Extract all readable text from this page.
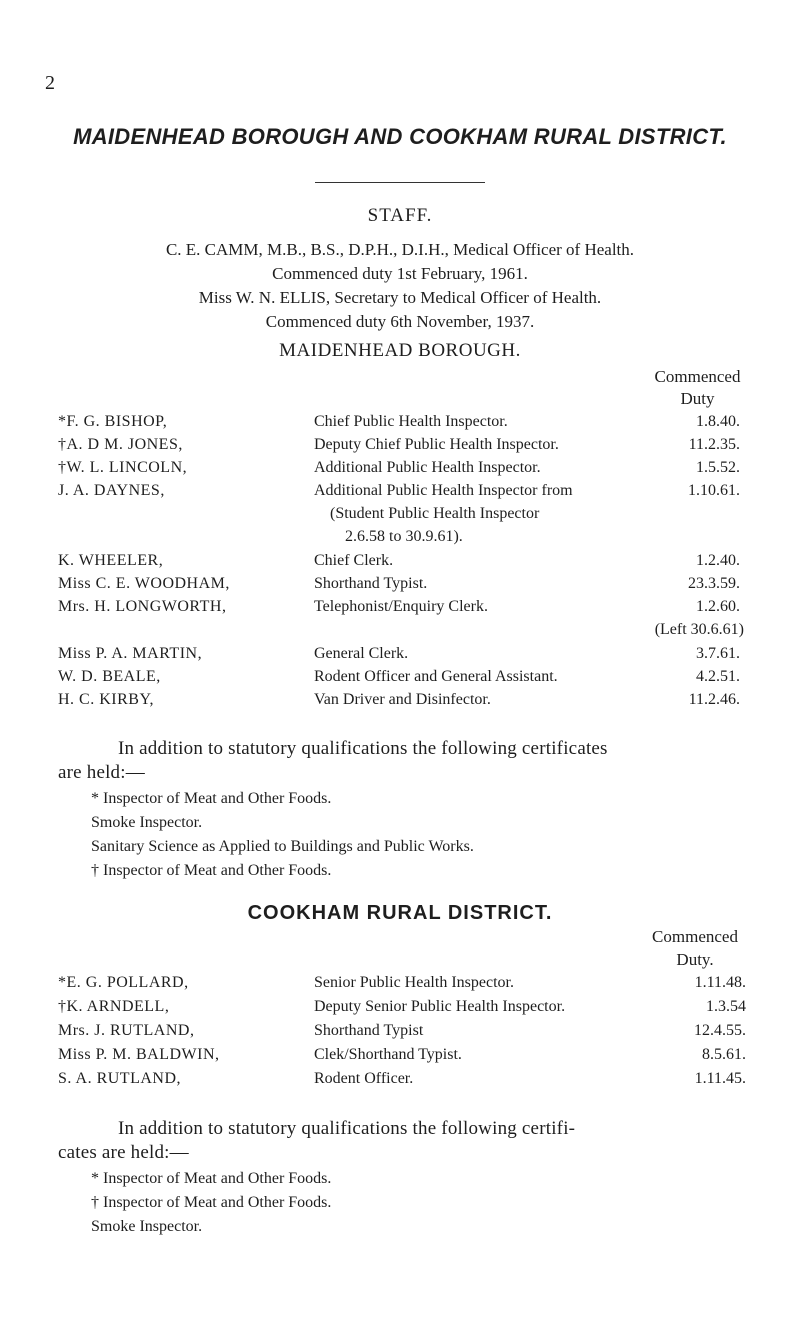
2
MAIDENHEAD BOROUGH AND COOKHAM RURAL DISTRICT.
STAFF.
C. E. CAMM, M.B., B.S., D.P.H., D.I.H., Medical Officer of Health.
Commenced duty 1st February, 1961.
Miss W. N. ELLIS, Secretary to Medical Officer of Health.
Commenced duty 6th November, 1937.
MAIDENHEAD BOROUGH.
Commenced
Duty
*F. G. BISHOP,	Chief Public Health Inspector.	1.8.40.
†A. D M. JONES,	Deputy Chief Public Health Inspector.	11.2.35.
†W. L. LINCOLN,	Additional Public Health Inspector.	1.5.52.
J. A. DAYNES,	Additional Public Health Inspector from	1.10.61.
(Student Public Health Inspector
2.6.58 to 30.9.61).
K. WHEELER,	Chief Clerk.	1.2.40.
Miss C. E. WOODHAM,	Shorthand Typist.	23.3.59.
Mrs. H. LONGWORTH,	Telephonist/Enquiry Clerk.	1.2.60.
(Left 30.6.61)
Miss P. A. MARTIN,	General Clerk.	3.7.61.
W. D. BEALE,	Rodent Officer and General Assistant.	4.2.51.
H. C. KIRBY,	Van Driver and Disinfector.	11.2.46.
In addition to statutory qualifications the following certificates
are held:—
* Inspector of Meat and Other Foods.
Smoke Inspector.
Sanitary Science as Applied to Buildings and Public Works.
† Inspector of Meat and Other Foods.
COOKHAM RURAL DISTRICT.
Commenced
Duty.
*E. G. POLLARD,	Senior Public Health Inspector.	1.11.48.
†K. ARNDELL,	Deputy Senior Public Health Inspector.	1.3.54
Mrs. J. RUTLAND,	Shorthand Typist	12.4.55.
Miss P. M. BALDWIN,	Clek/Shorthand Typist.	8.5.61.
S. A. RUTLAND,	Rodent Officer.	1.11.45.
In addition to statutory qualifications the following certifi-
cates are held:—
* Inspector of Meat and Other Foods.
† Inspector of Meat and Other Foods.
Smoke Inspector.
